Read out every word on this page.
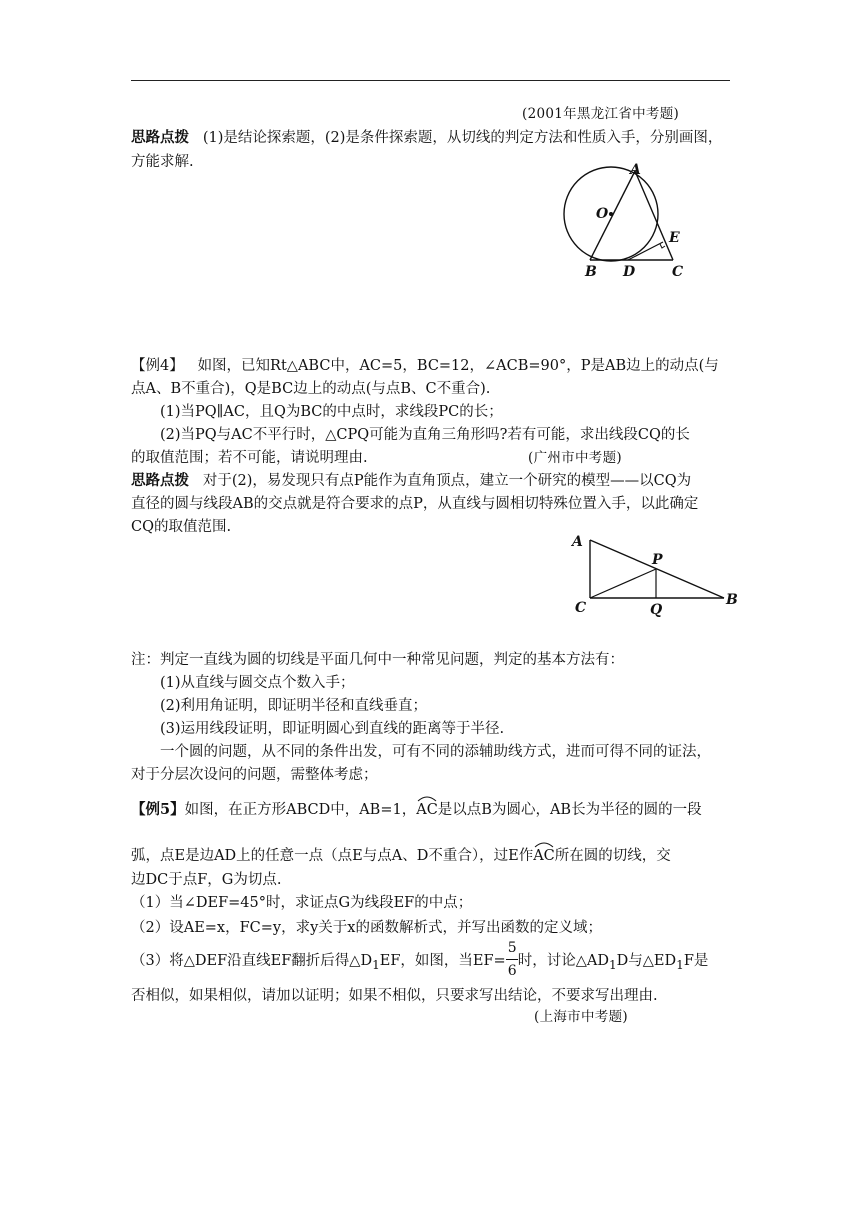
(2001年黑龙江省中考题)
思路点拨 (1)是结论探索题，(2)是条件探索题，从切线的判定方法和性质入手，分别画图，
方能求解.	A
O
E
B D	C
【例4】 如图，已知Rt△ABC中，AC=5，BC=12，∠ACB=90°，P是AB边上的动点(与
点A、B不重合)，Q是BC边上的动点(与点B、C不重合).
(1)当PQ∥AC，且Q为BC的中点时，求线段PC的长；
(2)当PQ与AC不平行时，△CPQ可能为直角三角形吗?若有可能，求出线段CQ的长
的取值范围；若不可能，请说明理由.	(广州市中考题)
思路点拨 对于(2)，易发现只有点P能作为直角顶点，建立一个研究的模型——以CQ为
直径的圆与线段AB的交点就是符合要求的点P，从直线与圆相切特殊位置入手，以此确定
CQ的取值范围.
A
P
C	Q
B
注：判定一直线为圆的切线是平面几何中一种常见问题，判定的基本方法有：
(1)从直线与圆交点个数入手；
(2)利用角证明，即证明半径和直线垂直；
(3)运用线段证明，即证明圆心到直线的距离等于半径.
一个圆的问题，从不同的条件出发，可有不同的添辅助线方式，进而可得不同的证法，
对于分层次设问的问题，需整体考虑；
【例5】如图，在正方形ABCD中，AB=1，
AC是以点B为圆心，AB长为半径的圆的一段
弧，点E是边AD上的任意一点（点E与点A、D不重合），过E作
AC所在圆的切线，交
边DC于点F，G为切点.
（1）当∠DEF=45°时，求证点G为线段EF的中点；
（2）设AE=x，FC=y，求y关于x的函数解析式，并写出函数的定义域；
（3）将△DEF沿直线EF翻折后得$\triangle D_1EF$，如图，当$EF= \frac{5}{6}$ 时，讨论$\triangle AD_1D$与$\triangle ED_1F$是
否相似，如果相似，请加以证明；如果不相似，只要求写出结论，不要求写出理由.
(上海市中考题)
